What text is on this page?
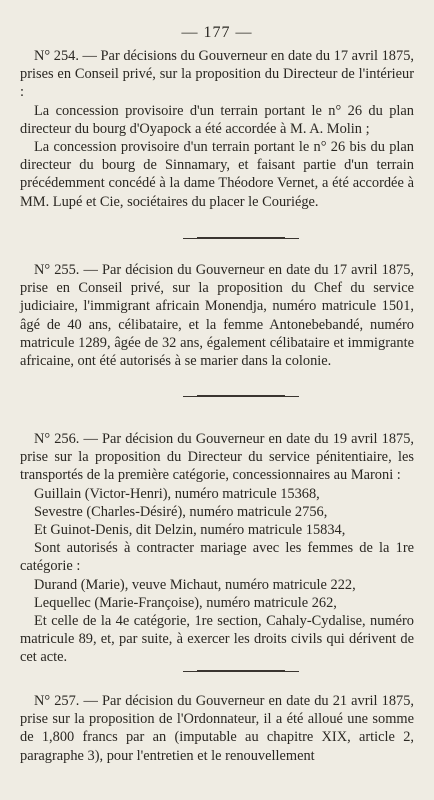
— 177 —

N° 254. — Par décisions du Gouverneur en date du 17 avril 1875, prises en Conseil privé, sur la proposition du Directeur de l'intérieur :

La concession provisoire d'un terrain portant le n° 26 du plan directeur du bourg d'Oyapock a été accordée à M. A. Molin ;

La concession provisoire d'un terrain portant le n° 26 bis du plan directeur du bourg de Sinnamary, et faisant partie d'un terrain précédemment concédé à la dame Théodore Vernet, a été accordée à MM. Lupé et Cie, sociétaires du placer le Couriége.

N° 255. — Par décision du Gouverneur en date du 17 avril 1875, prise en Conseil privé, sur la proposition du Chef du service judiciaire, l'immigrant africain Monendja, numéro matricule 1501, âgé de 40 ans, célibataire, et la femme Antonebebandé, numéro matricule 1289, âgée de 32 ans, également célibataire et immigrante africaine, ont été autorisés à se marier dans la colonie.

N° 256. — Par décision du Gouverneur en date du 19 avril 1875, prise sur la proposition du Directeur du service pénitentiaire, les transportés de la première catégorie, concessionnaires au Maroni :

Guillain (Victor-Henri), numéro matricule 15368,

Sevestre (Charles-Désiré), numéro matricule 2756,

Et Guinot-Denis, dit Delzin, numéro matricule 15834,

Sont autorisés à contracter mariage avec les femmes de la 1re catégorie :

Durand (Marie), veuve Michaut, numéro matricule 222,

Lequellec (Marie-Françoise), numéro matricule 262,

Et celle de la 4e catégorie, 1re section, Cahaly-Cydalise, numéro matricule 89, et, par suite, à exercer les droits civils qui dérivent de cet acte.

N° 257. — Par décision du Gouverneur en date du 21 avril 1875, prise sur la proposition de l'Ordonnateur, il a été alloué une somme de 1,800 francs par an (imputable au chapitre XIX, article 2, paragraphe 3), pour l'entretien et le renouvellement
